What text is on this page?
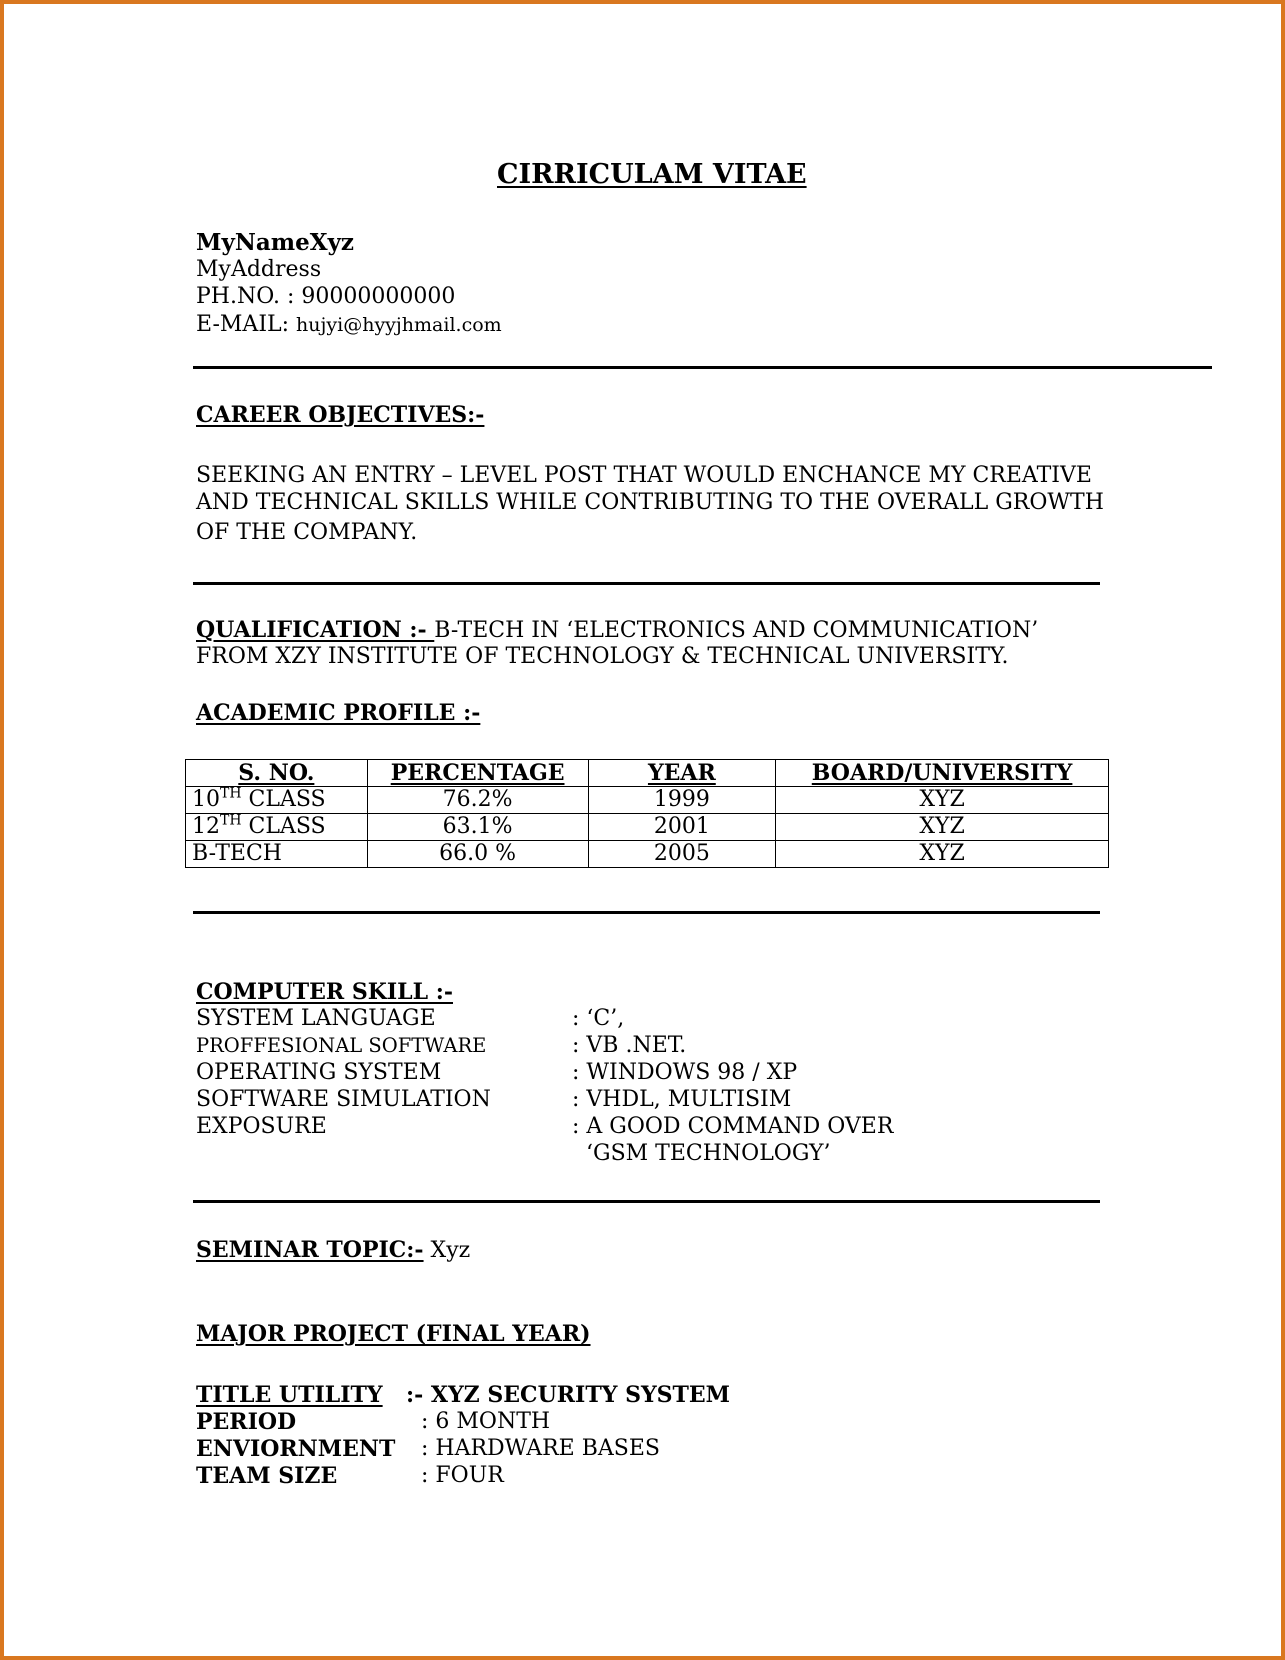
CIRRICULAM VITAE
MyNameXyz
MyAddress
PH.NO. : 90000000000
E-MAIL: hujyi@hyyjhmail.com
CAREER OBJECTIVES:-
SEEKING AN ENTRY – LEVEL POST THAT WOULD ENCHANCE MY CREATIVE
AND TECHNICAL SKILLS WHILE CONTRIBUTING TO THE OVERALL GROWTH
OF THE COMPANY.
QUALIFICATION :- B-TECH IN ‘ELECTRONICS AND COMMUNICATION’
FROM XZY INSTITUTE OF TECHNOLOGY & TECHNICAL UNIVERSITY.
ACADEMIC PROFILE :-
S. NO.	PERCENTAGE	YEAR	BOARD/UNIVERSITY
10TH CLASS	76.2%	1999	XYZ
12TH CLASS	63.1%	2001	XYZ
B-TECH	66.0 %	2005	XYZ
COMPUTER SKILL :-
SYSTEM LANGUAGE	: ‘C’,
PROFFESIONAL SOFTWARE	: VB .NET.
OPERATING SYSTEM	: WINDOWS 98 / XP
SOFTWARE SIMULATION	: VHDL, MULTISIM
EXPOSURE	: A GOOD COMMAND OVER
‘GSM TECHNOLOGY’
SEMINAR TOPIC:- Xyz
MAJOR PROJECT (FINAL YEAR)
TITLE UTILITY :- XYZ SECURITY SYSTEM
PERIOD	: 6 MONTH
ENVIORNMENT : HARDWARE BASES
TEAM SIZE	: FOUR
